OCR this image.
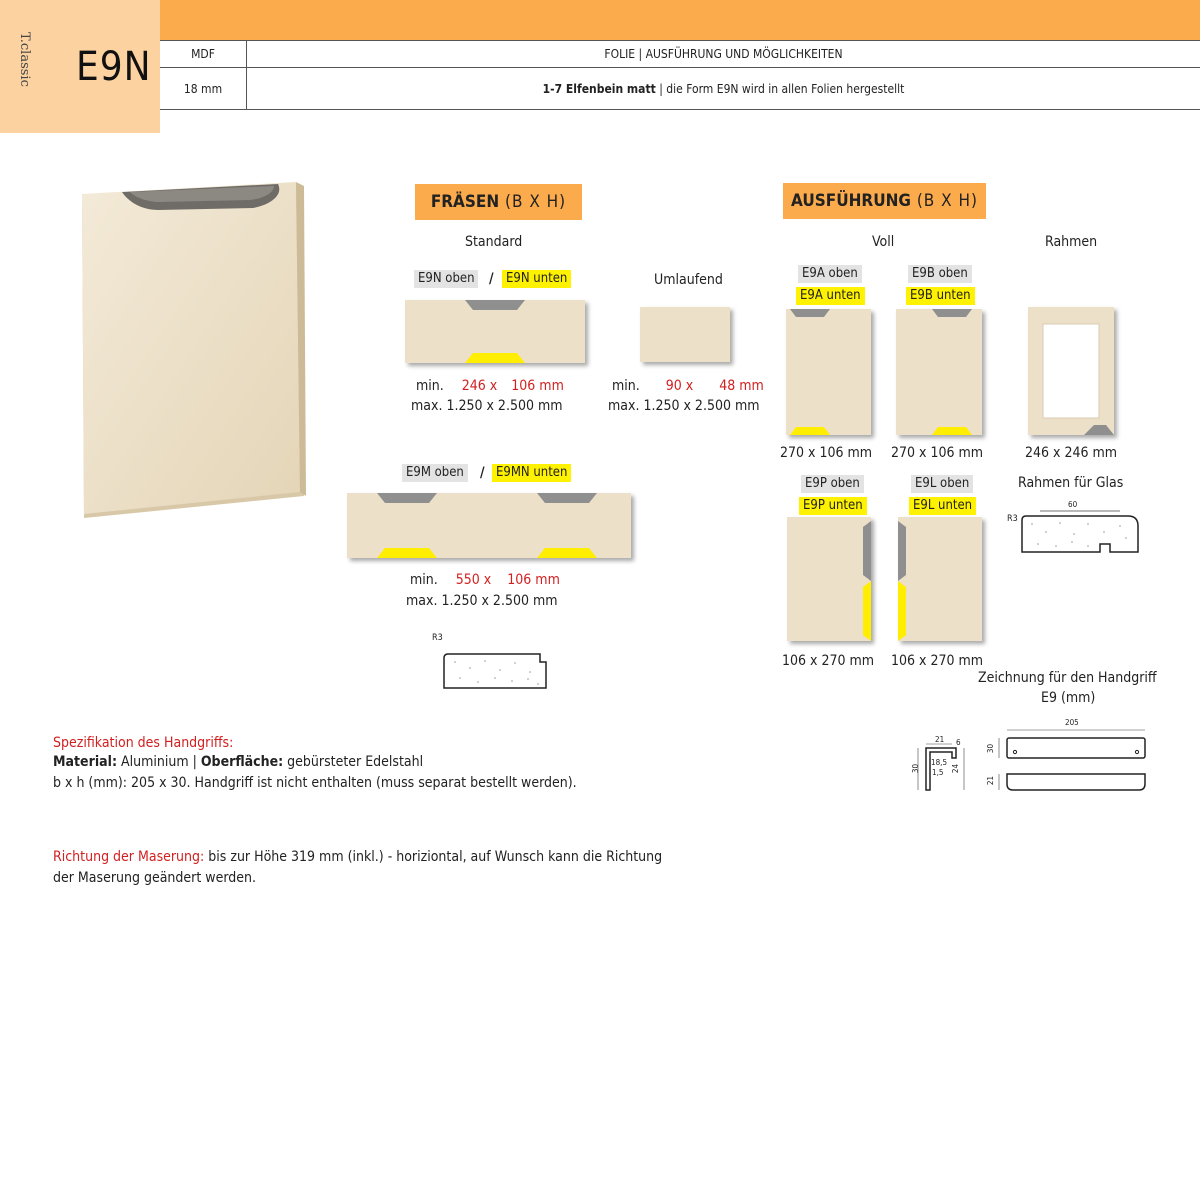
T.classic E9N	MDF	FOLIE | AUSFÜHRUNG UND MÖGLICHKEITEN
18 mm	1-7 Elfenbein matt | die Form E9N wird in allen Folien hergestellt
FRÄSEN (B X H)
Standard
E9N oben / E9N unten
min. 246 x 106 mm
max. 1.250 x 2.500 mm
Umlaufend
min. 90 x 48 mm
max. 1.250 x 2.500 mm
E9M oben / E9MN unten
min. 550 x 106 mm
max. 1.250 x 2.500 mm
R3
AUSFÜHRUNG (B X H)
Voll	Rahmen
E9A oben
E9A unten
E9B oben
E9B unten
270 x 106 mm 270 x 106 mm	246 x 246 mm
E9P oben
E9P unten
E9L oben
E9L unten
106 x 270 mm 106 x 270 mm
Rahmen für Glas
R3
60
Zeichnung für den Handgriff
E9 (mm)
21 6
30
18,5
1,5 24
205
30
21
Spezifikation des Handgriffs:
Material: Aluminium | Oberfläche: gebürsteter Edelstahl
b x h (mm): 205 x 30. Handgriff ist nicht enthalten (muss separat bestellt werden).
Richtung der Maserung: bis zur Höhe 319 mm (inkl.) - horiziontal, auf Wunsch kann die Richtung
der Maserung geändert werden.
